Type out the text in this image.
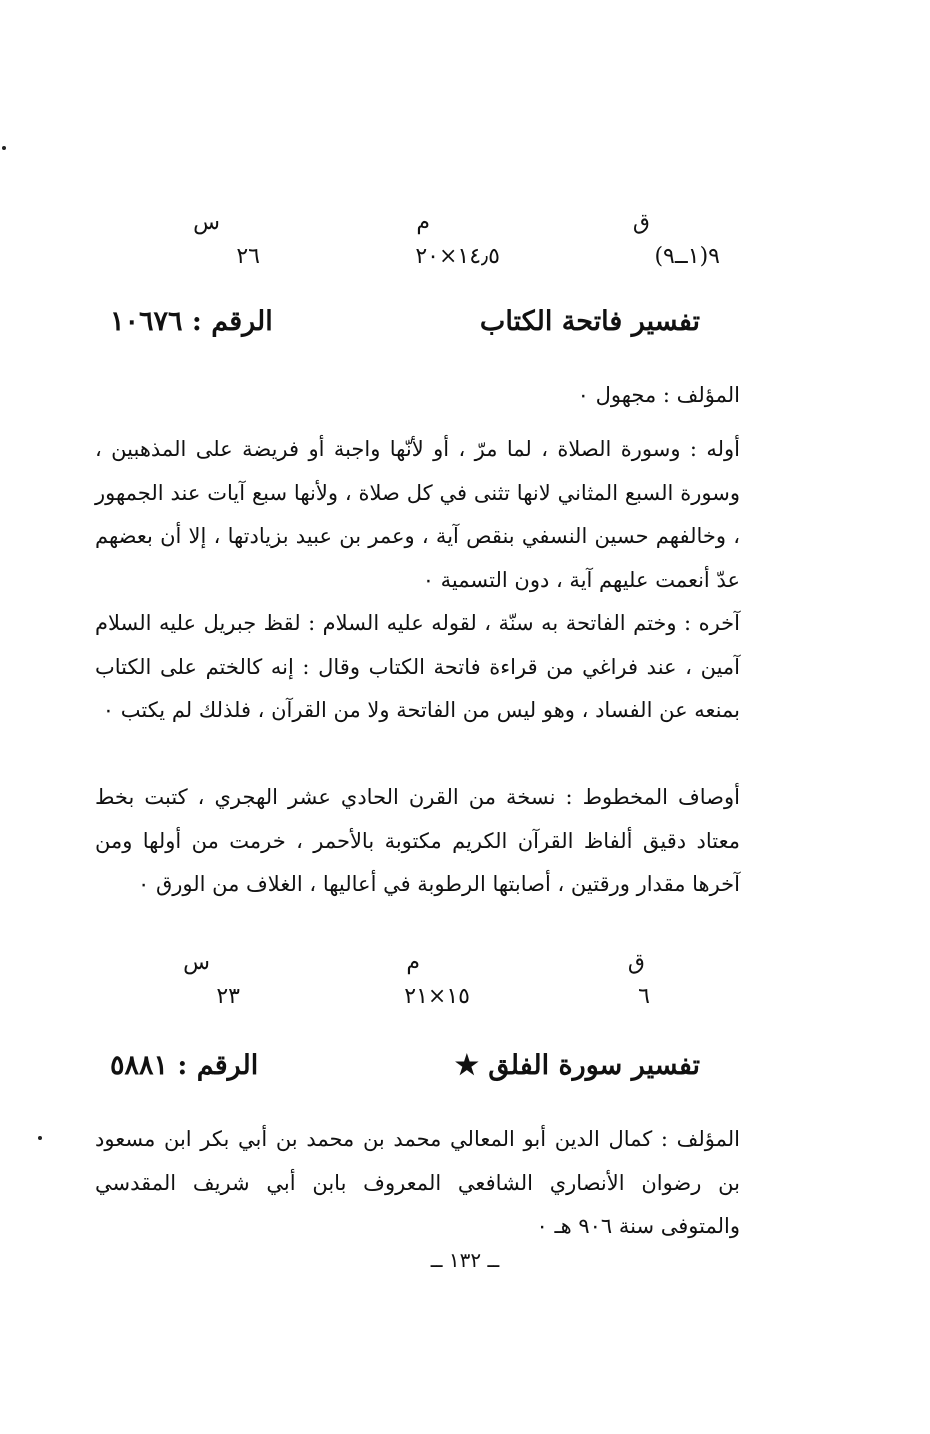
ق
م
س
٩(١ــ٩)
١٤٫٥×٢٠
٢٦
تفسير فاتحة الكتاب
الرقم : ١٠٦٧٦

المؤلف : مجهول ٠

أوله : وسورة الصلاة ، لما مرّ ، أو لأنّها واجبة أو فريضة على المذهبين ، وسورة السبع المثاني لانها تثنى في كل صلاة ، ولأنها سبع آيات عند الجمهور ، وخالفهم حسين النسفي بنقص آية ، وعمر بن عبيد بزيادتها ، إلا أن بعضهم عدّ أنعمت عليهم آية ، دون التسمية ٠

آخره : وختم الفاتحة به سنّة ، لقوله عليه السلام : لقظ جبريل عليه السلام آمين ، عند فراغي من قراءة فاتحة الكتاب وقال : إنه كالختم على الكتاب بمنعه عن الفساد ، وهو ليس من الفاتحة ولا من القرآن ، فلذلك لم يكتب ٠

أوصاف المخطوط : نسخة من القرن الحادي عشر الهجري ، كتبت بخط معتاد دقيق ألفاظ القرآن الكريم مكتوبة بالأحمر ، خرمت من أولها ومن آخرها مقدار ورقتين ، أصابتها الرطوبة في أعاليها ، الغلاف من الورق ٠

ق
م
س
٦
١٥×٢١
٢٣
تفسير سورة الفلق ★
الرقم : ٥٨٨١

المؤلف : كمال الدين أبو المعالي محمد بن محمد بن أبي بكر ابن مسعود بن رضوان الأنصاري الشافعي المعروف بابن أبي شريف المقدسي والمتوفى سنة ٩٠٦ هـ ٠

ــ ١٣٢ ــ
